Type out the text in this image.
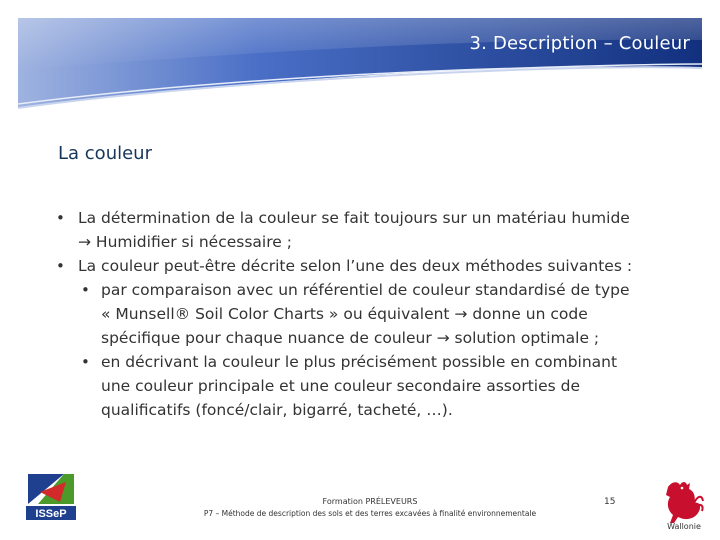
3. Description – Couleur
La couleur
• La détermination de la couleur se fait toujours sur un matériau humide
→ Humidifier si nécessaire ;
• La couleur peut-être décrite selon l’une des deux méthodes suivantes :
• par comparaison avec un référentiel de couleur standardisé de type
« Munsell® Soil Color Charts » ou équivalent → donne un code
spécifique pour chaque nuance de couleur → solution optimale ;
• en décrivant la couleur le plus précisément possible en combinant
une couleur principale et une couleur secondaire assorties de
qualificatifs (foncé/clair, bigarré, tacheté, …).
ISSeP
Formation PRÉLEVEURS
P7 – Méthode de description des sols et des terres excavées à finalité environnementale
15
Wallonie
